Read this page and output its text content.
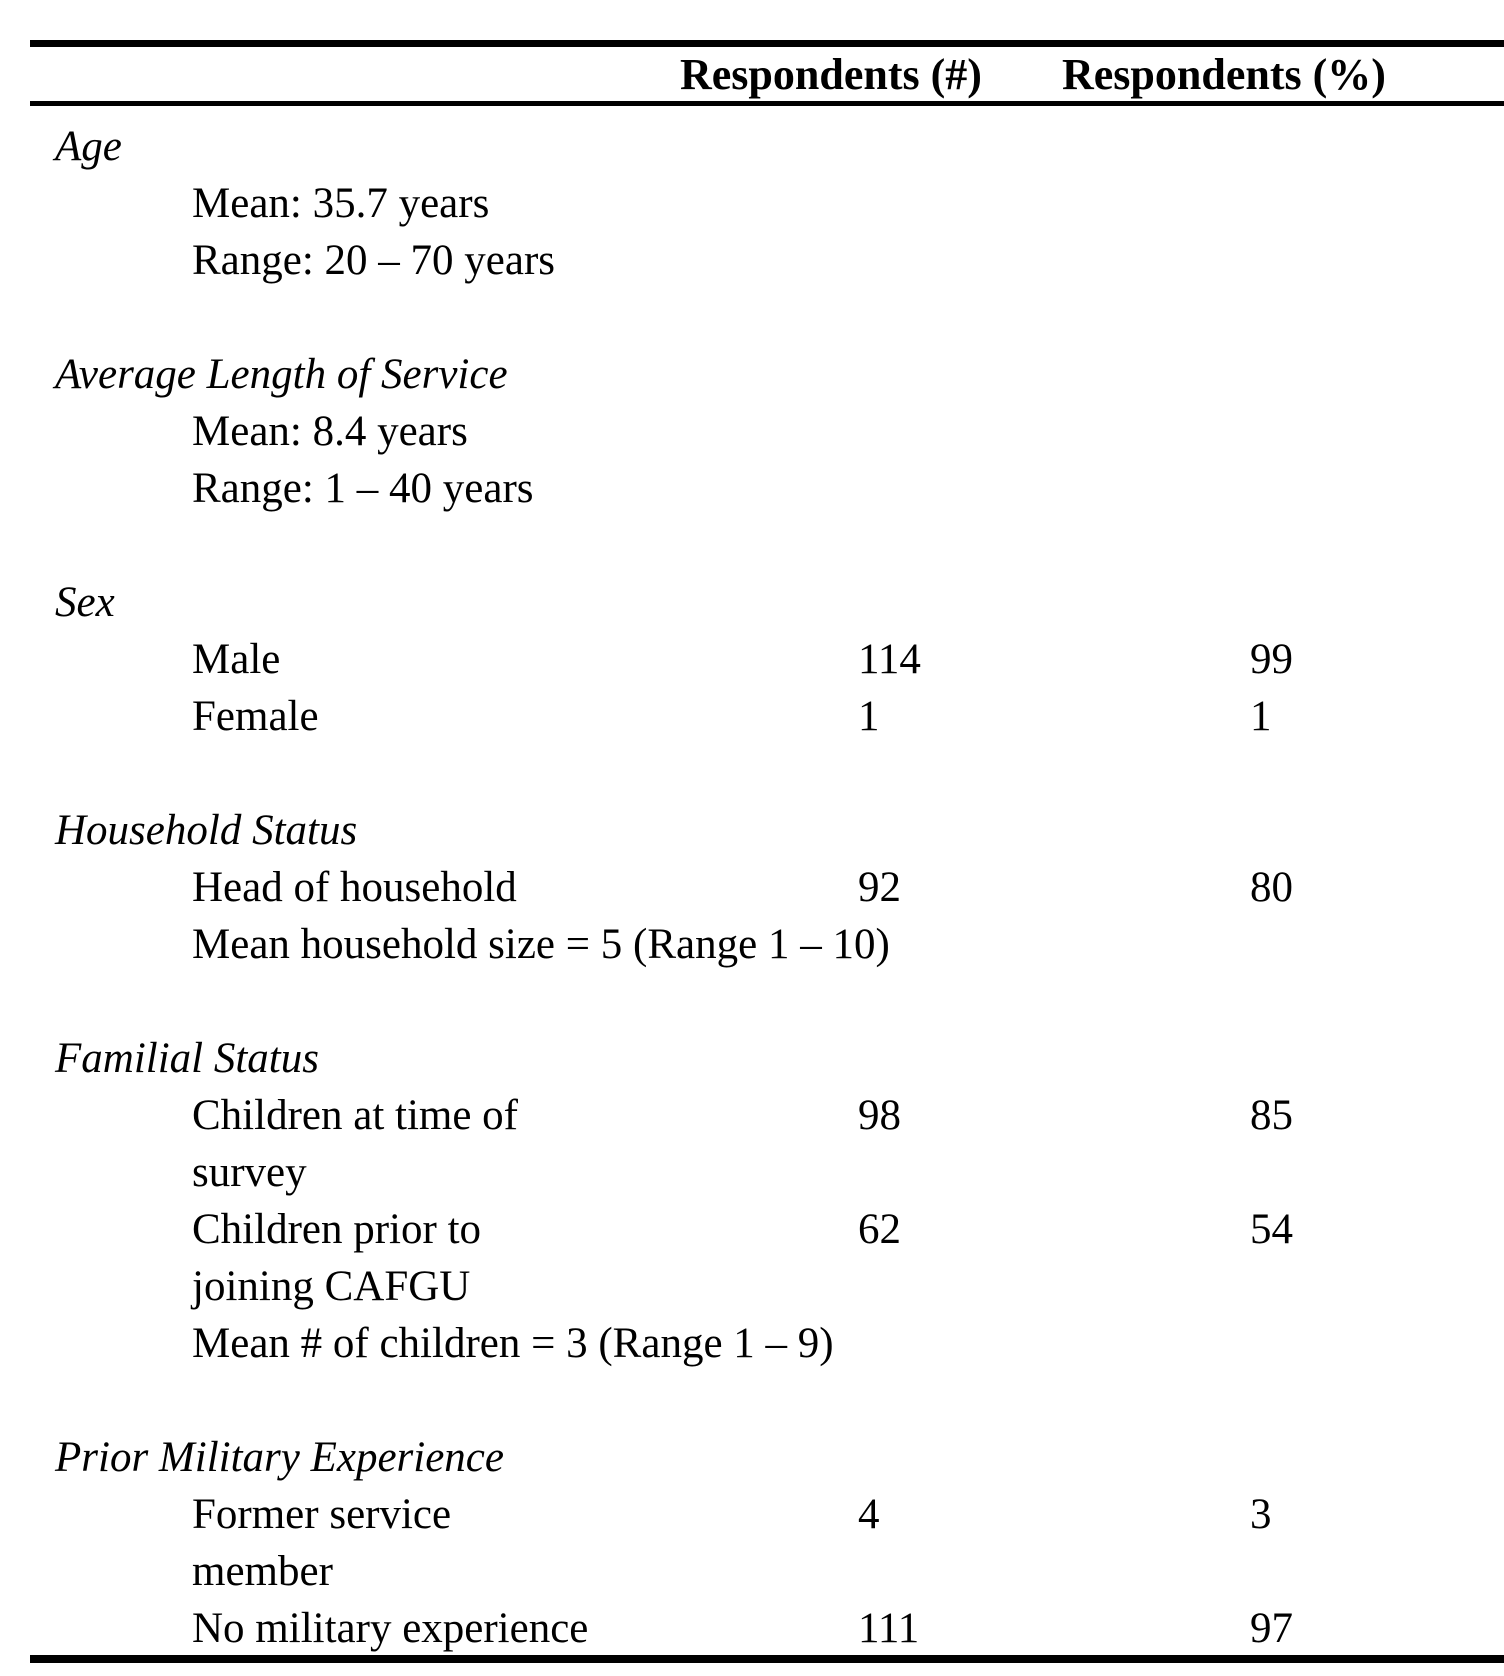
Respondents (#) Respondents (%)
Age
Mean: 35.7 years
Range: 20 – 70 years
Average Length of Service
Mean: 8.4 years
Range: 1 – 40 years
Sex
Male	114	99
Female	1	1
Household Status
Head of household	92	80
Mean household size = 5 (Range 1 – 10)
Familial Status
Children at time of	98	85
survey
Children prior to	62	54
joining CAFGU
Mean # of children = 3 (Range 1 – 9)
Prior Military Experience
Former service	4	3
member
No military experience	111	97
